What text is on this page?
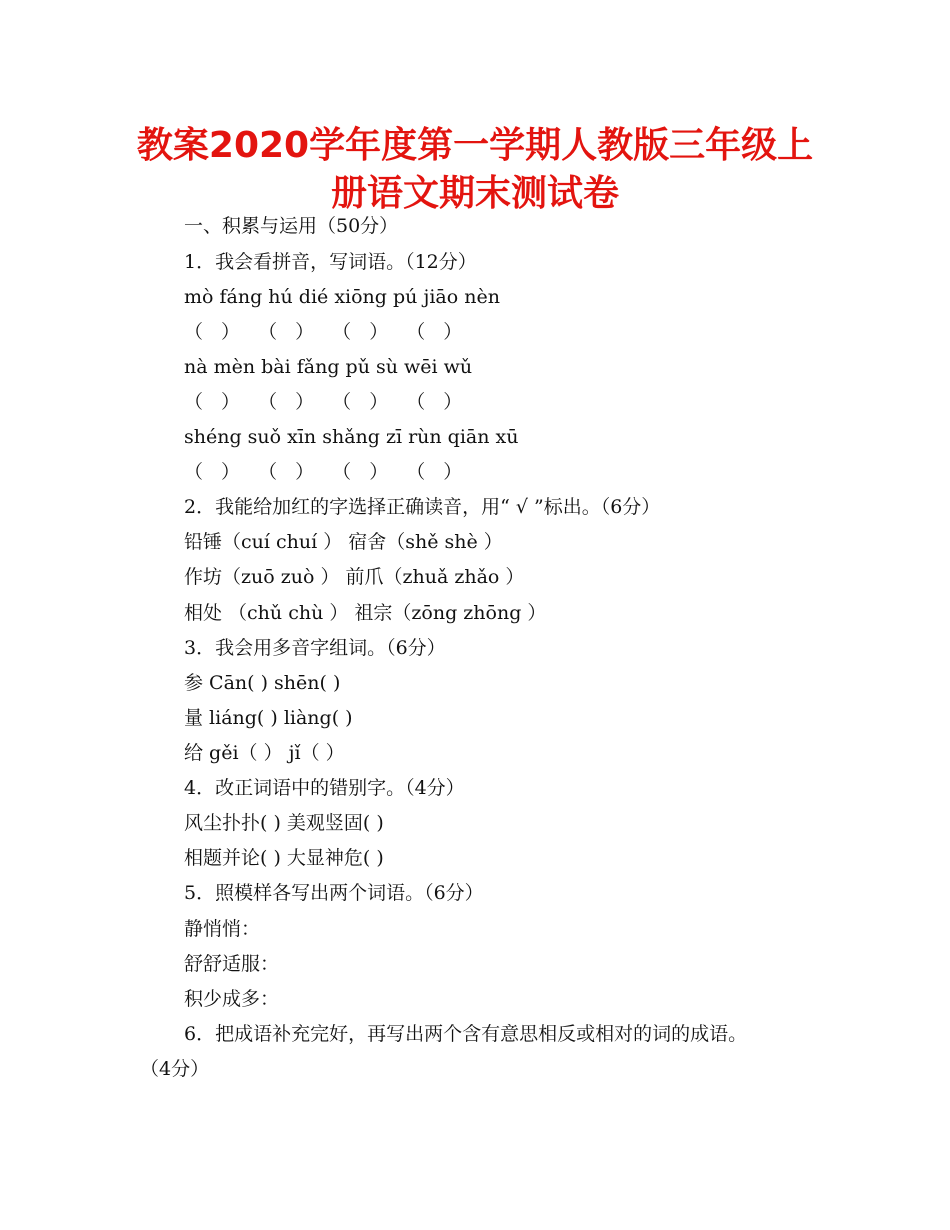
教案2020学年度第一学期人教版三年级上
册语文期末测试卷
一、积累与运用（50分）
1．我会看拼音，写词语。（12分）
mò fáng hú dié xiōng pú jiāo nèn
（ ） （ ） （ ） （ ）
nà mèn bài fǎng pǔ sù wēi wǔ
（ ） （ ） （ ） （ ）
shéng suǒ xīn shǎng zī rùn qiān xū
（ ） （ ） （ ） （ ）
2．我能给加红的字选择正确读音，用“ √ ”标出。（6分）
铅锤（cuí chuí ） 宿舍（shě shè ）
作坊（zuō zuò ） 前爪（zhuǎ zhǎo ）
相处 （chǔ chù ） 祖宗（zōng zhōng ）
3．我会用多音字组词。（6分）
参 Cān( ) shēn( )
量 liáng( ) liàng( )
给 gěi（ ） jǐ（ ）
4．改正词语中的错别字。（4分）
风尘扑扑( ) 美观竖固( )
相题并论( ) 大显神危( )
5．照模样各写出两个词语。（6分）
静悄悄：
舒舒适服：
积少成多：
6．把成语补充完好，再写出两个含有意思相反或相对的词的成语。
（4分）
